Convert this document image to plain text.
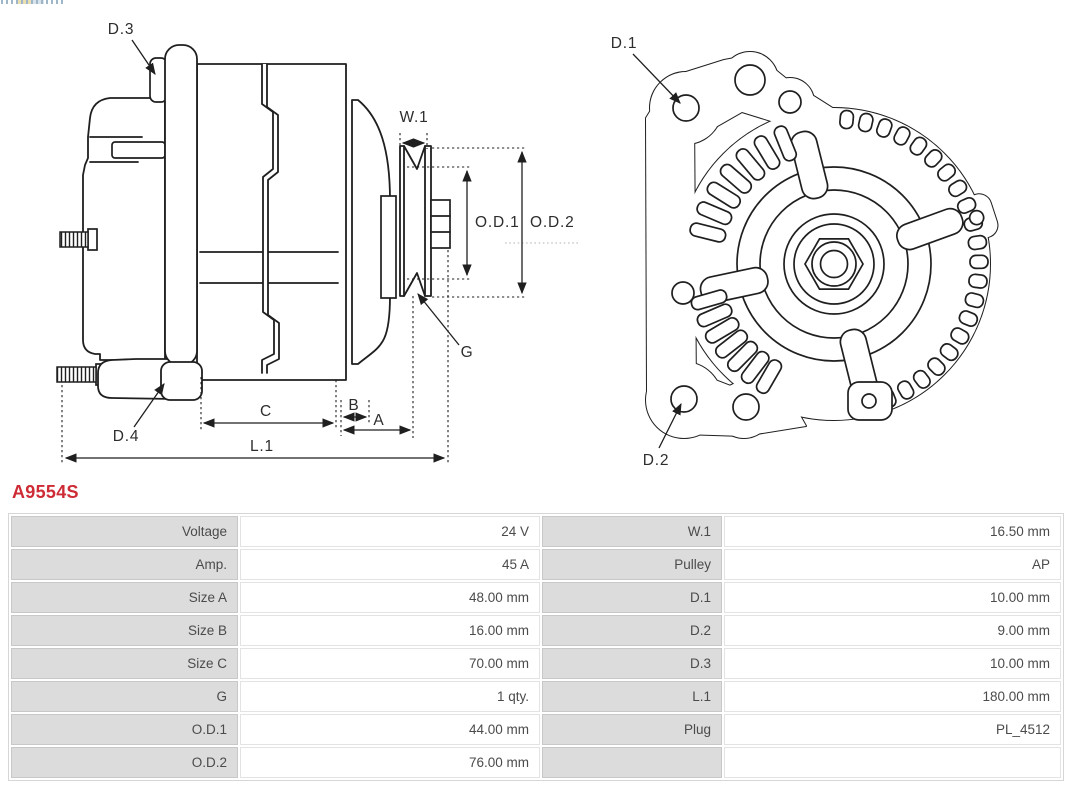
D.3
D.4
W.1
O.D.1 O.D.2
G
C	B
A
L.1
D.1
D.2
A9554S
Voltage	24 V	W.1	16.50 mm
Amp.	45 A	Pulley	AP
Size A	48.00 mm	D.1	10.00 mm
Size B	16.00 mm	D.2	9.00 mm
Size C	70.00 mm	D.3	10.00 mm
G	1 qty.	L.1	180.00 mm
O.D.1	44.00 mm	Plug	PL_4512
O.D.2	76.00 mm		
